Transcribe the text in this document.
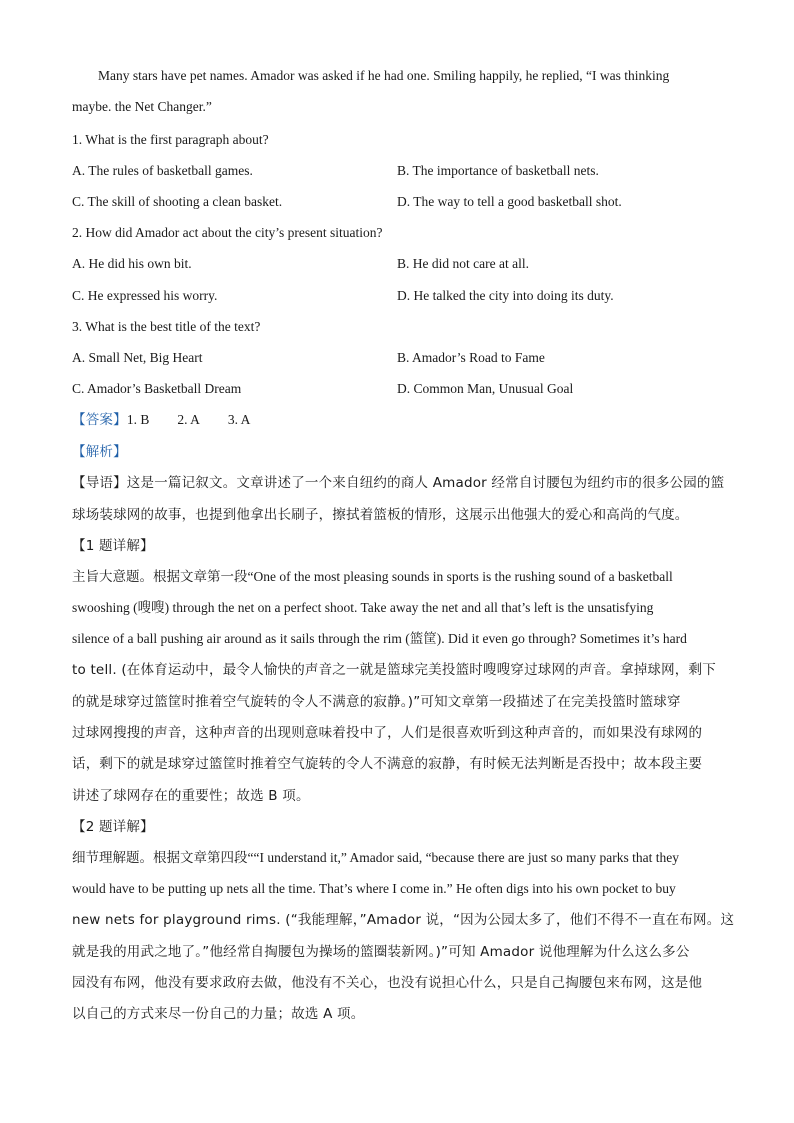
Many stars have pet names. Amador was asked if he had one. Smiling happily, he replied, “I was thinking
maybe. the Net Changer.”
1. What is the first paragraph about?
A. The rules of basketball games.	B. The importance of basketball nets.
C. The skill of shooting a clean basket.	D. The way to tell a good basketball shot.
2. How did Amador act about the city’s present situation?
A. He did his own bit.	B. He did not care at all.
C. He expressed his worry.	D. He talked the city into doing its duty.
3. What is the best title of the text?
A. Small Net, Big Heart	B. Amador’s Road to Fame
C. Amador’s Basketball Dream	D. Common Man, Unusual Goal
【答案】1. B 2. A 3. A
【解析】
【导语】这是一篇记叙文。文章讲述了一个来自纽约的商人 Amador 经常自讨腰包为纽约市的很多公园的篮
球场装球网的故事，也提到他拿出长刷子，擦拭着篮板的情形，这展示出他强大的爱心和高尚的气度。
【1 题详解】
主旨大意题。根据文章第一段“One of the most pleasing sounds in sports is the rushing sound of a basketball
swooshing (嗖嗖) through the net on a perfect shoot. Take away the net and all that’s left is the unsatisfying
silence of a ball pushing air around as it sails through the rim (篮筐). Did it even go through? Sometimes it’s hard
to tell. (在体育运动中，最令人愉快的声音之一就是篮球完美投篮时嗖嗖穿过球网的声音。拿掉球网，剩下
的就是球穿过篮筐时推着空气旋转的令人不满意的寂静。)”可知文章第一段描述了在完美投篮时篮球穿
过球网搜搜的声音，这种声音的出现则意味着投中了，人们是很喜欢听到这种声音的，而如果没有球网的
话，剩下的就是球穿过篮筐时推着空气旋转的令人不满意的寂静，有时候无法判断是否投中；故本段主要
讲述了球网存在的重要性；故选 B 项。
【2 题详解】
细节理解题。根据文章第四段““I understand it,” Amador said, “because there are just so many parks that they
would have to be putting up nets all the time. That’s where I come in.” He often digs into his own pocket to buy
new nets for playground rims. (“我能理解，”Amador 说，“因为公园太多了，他们不得不一直在布网。这
就是我的用武之地了。”他经常自掏腰包为操场的篮圈装新网。)”可知 Amador 说他理解为什么这么多公
园没有布网，他没有要求政府去做，他没有不关心，也没有说担心什么，只是自己掏腰包来布网，这是他
以自己的方式来尽一份自己的力量；故选 A 项。
